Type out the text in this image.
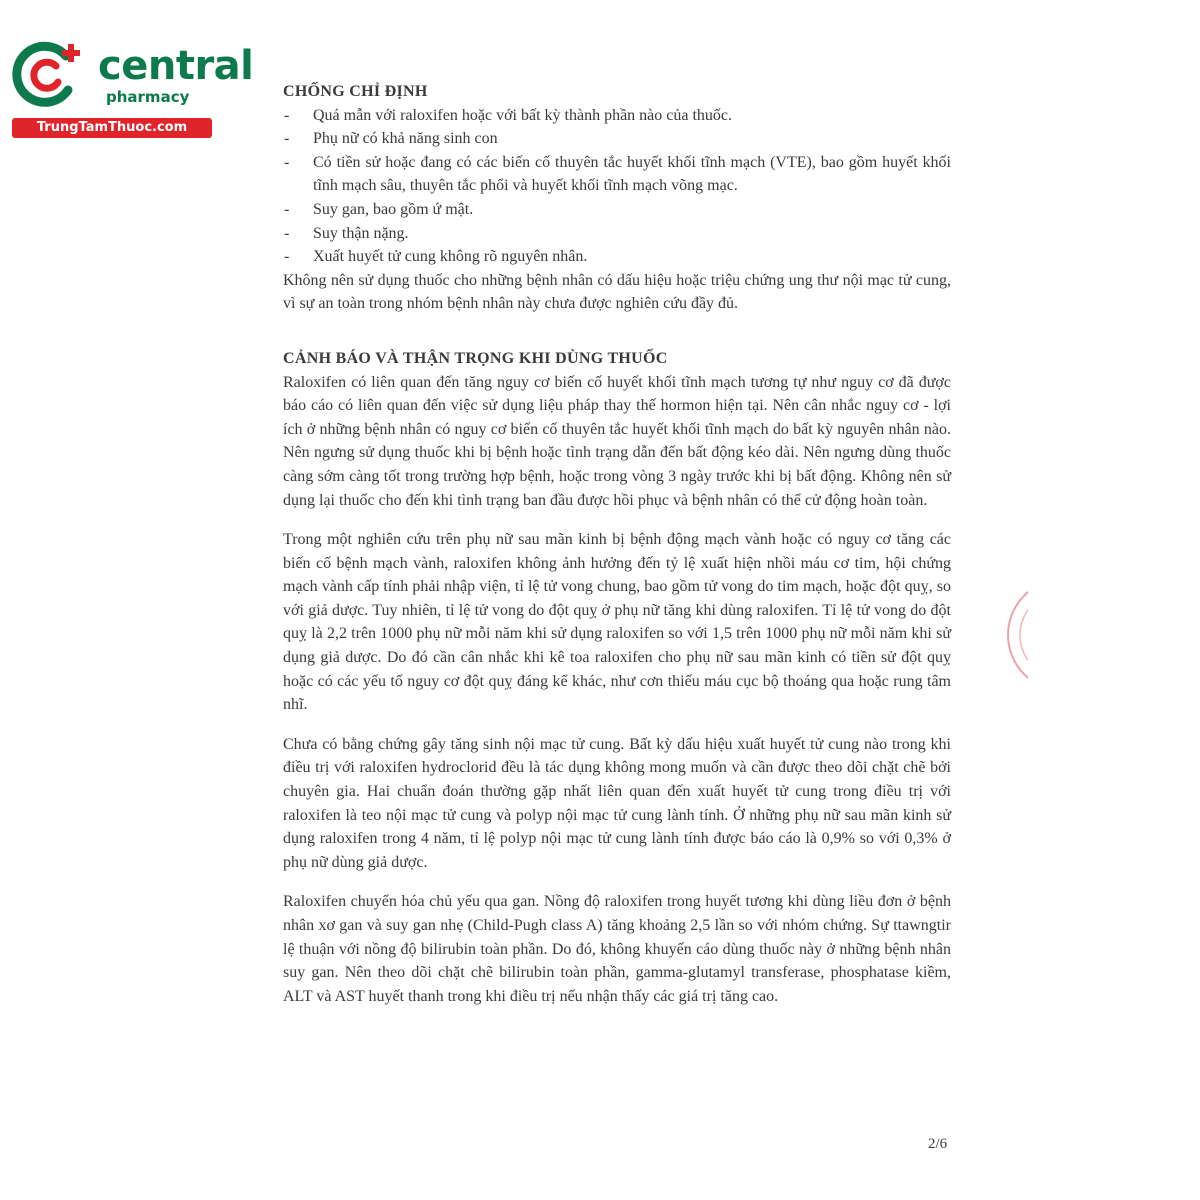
central
pharmacy
TrungTamThuoc.com
CHỐNG CHỈ ĐỊNH
- Quá mẫn với raloxifen hoặc với bất kỳ thành phần nào của thuốc.
- Phụ nữ có khả năng sinh con
- Có tiền sử hoặc đang có các biến cố thuyên tắc huyết khối tĩnh mạch (VTE), bao gồm huyết khối tĩnh mạch sâu, thuyên tắc phổi và huyết khối tĩnh mạch võng mạc.
- Suy gan, bao gồm ứ mật.
- Suy thận nặng.
- Xuất huyết tử cung không rõ nguyên nhân.

Không nên sử dụng thuốc cho những bệnh nhân có dấu hiệu hoặc triệu chứng ung thư nội mạc tử cung, vì sự an toàn trong nhóm bệnh nhân này chưa được nghiên cứu đầy đủ.

CẢNH BÁO VÀ THẬN TRỌNG KHI DÙNG THUỐC

Raloxifen có liên quan đến tăng nguy cơ biến cố huyết khối tĩnh mạch tương tự như nguy cơ đã được báo cáo có liên quan đến việc sử dụng liệu pháp thay thế hormon hiện tại. Nên cân nhắc nguy cơ - lợi ích ở những bệnh nhân có nguy cơ biến cố thuyên tắc huyết khối tĩnh mạch do bất kỳ nguyên nhân nào. Nên ngưng sử dụng thuốc khi bị bệnh hoặc tình trạng dẫn đến bất động kéo dài. Nên ngưng dùng thuốc càng sớm càng tốt trong trường hợp bệnh, hoặc trong vòng 3 ngày trước khi bị bất động. Không nên sử dụng lại thuốc cho đến khi tình trạng ban đầu được hồi phục và bệnh nhân có thể cử động hoàn toàn.

Trong một nghiên cứu trên phụ nữ sau mãn kinh bị bệnh động mạch vành hoặc có nguy cơ tăng các biến cố bệnh mạch vành, raloxifen không ảnh hưởng đến tỷ lệ xuất hiện nhồi máu cơ tim, hội chứng mạch vành cấp tính phải nhập viện, tỉ lệ tử vong chung, bao gồm tử vong do tim mạch, hoặc đột quỵ, so với giả dược. Tuy nhiên, tỉ lệ tử vong do đột quỵ ở phụ nữ tăng khi dùng raloxifen. Tỉ lệ tử vong do đột quỵ là 2,2 trên 1000 phụ nữ mỗi năm khi sử dụng raloxifen so với 1,5 trên 1000 phụ nữ mỗi năm khi sử dụng giả dược. Do đó cần cân nhắc khi kê toa raloxifen cho phụ nữ sau mãn kinh có tiền sử đột quỵ hoặc có các yếu tố nguy cơ đột quỵ đáng kể khác, như cơn thiếu máu cục bộ thoáng qua hoặc rung tâm nhĩ.

Chưa có bằng chứng gây tăng sinh nội mạc tử cung. Bất kỳ dấu hiệu xuất huyết tử cung nào trong khi điều trị với raloxifen hydroclorid đều là tác dụng không mong muốn và cần được theo dõi chặt chẽ bởi chuyên gia. Hai chuẩn đoán thường gặp nhất liên quan đến xuất huyết tử cung trong điều trị với raloxifen là teo nội mạc tử cung và polyp nội mạc tử cung lành tính. Ở những phụ nữ sau mãn kinh sử dụng raloxifen trong 4 năm, tỉ lệ polyp nội mạc tử cung lành tính được báo cáo là 0,9% so với 0,3% ở phụ nữ dùng giả dược.

Raloxifen chuyển hóa chủ yếu qua gan. Nồng độ raloxifen trong huyết tương khi dùng liều đơn ở bệnh nhân xơ gan và suy gan nhẹ (Child-Pugh class A) tăng khoảng 2,5 lần so với nhóm chứng. Sự ttawngtir lệ thuận với nồng độ bilirubin toàn phần. Do đó, không khuyến cáo dùng thuốc này ở những bệnh nhân suy gan. Nên theo dõi chặt chẽ bilirubin toàn phần, gamma-glutamyl transferase, phosphatase kiềm, ALT và AST huyết thanh trong khi điều trị nếu nhận thấy các giá trị tăng cao.

2/6
